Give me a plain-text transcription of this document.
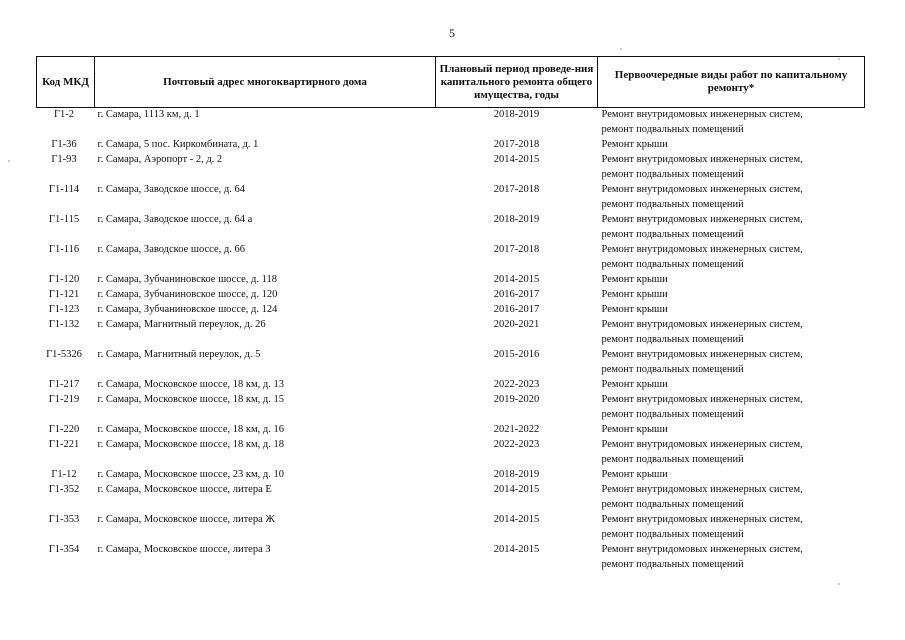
5
Код МКД	Почтовый адрес многоквартирного дома	Плановый период проведе-ния капитального ремонта общего имущества, годы	Первоочередные виды работ по капитальному ремонту*
Г1-2	г. Самара, 1113 км, д. 1	2018-2019	Ремонт внутридомовых инженерных систем,
ремонт подвальных помещений

Г1-36	г. Самара, 5 пос. Киркомбината, д. 1	2017-2018	Ремонт крыши

Г1-93	г. Самара, Аэропорт - 2, д. 2	2014-2015	Ремонт внутридомовых инженерных систем,
ремонт подвальных помещений

Г1-114	г. Самара, Заводское шоссе, д. 64	2017-2018	Ремонт внутридомовых инженерных систем,
ремонт подвальных помещений

Г1-115	г. Самара, Заводское шоссе, д. 64 а	2018-2019	Ремонт внутридомовых инженерных систем,
ремонт подвальных помещений

Г1-116	г. Самара, Заводское шоссе, д. 66	2017-2018	Ремонт внутридомовых инженерных систем,
ремонт подвальных помещений

Г1-120	г. Самара, Зубчаниновское шоссе, д. 118	2014-2015	Ремонт крыши

Г1-121	г. Самара, Зубчаниновское шоссе, д. 120	2016-2017	Ремонт крыши

Г1-123	г. Самара, Зубчаниновское шоссе, д. 124	2016-2017	Ремонт крыши

Г1-132	г. Самара, Магнитный переулок, д. 26	2020-2021	Ремонт внутридомовых инженерных систем,
ремонт подвальных помещений

Г1-5326	г. Самара, Магнитный переулок, д. 5	2015-2016	Ремонт внутридомовых инженерных систем,
ремонт подвальных помещений

Г1-217	г. Самара, Московское шоссе, 18 км, д. 13	2022-2023	Ремонт крыши

Г1-219	г. Самара, Московское шоссе, 18 км, д. 15	2019-2020	Ремонт внутридомовых инженерных систем,
ремонт подвальных помещений

Г1-220	г. Самара, Московское шоссе, 18 км, д. 16	2021-2022	Ремонт крыши

Г1-221	г. Самара, Московское шоссе, 18 км, д. 18	2022-2023	Ремонт внутридомовых инженерных систем,
ремонт подвальных помещений

Г1-12	г. Самара, Московское шоссе, 23 км, д. 10	2018-2019	Ремонт крыши

Г1-352	г. Самара, Московское шоссе, литера Е	2014-2015	Ремонт внутридомовых инженерных систем,
ремонт подвальных помещений

Г1-353	г. Самара, Московское шоссе, литера Ж	2014-2015	Ремонт внутридомовых инженерных систем,
ремонт подвальных помещений

Г1-354	г. Самара, Московское шоссе, литера З	2014-2015	Ремонт внутридомовых инженерных систем,
ремонт подвальных помещений
